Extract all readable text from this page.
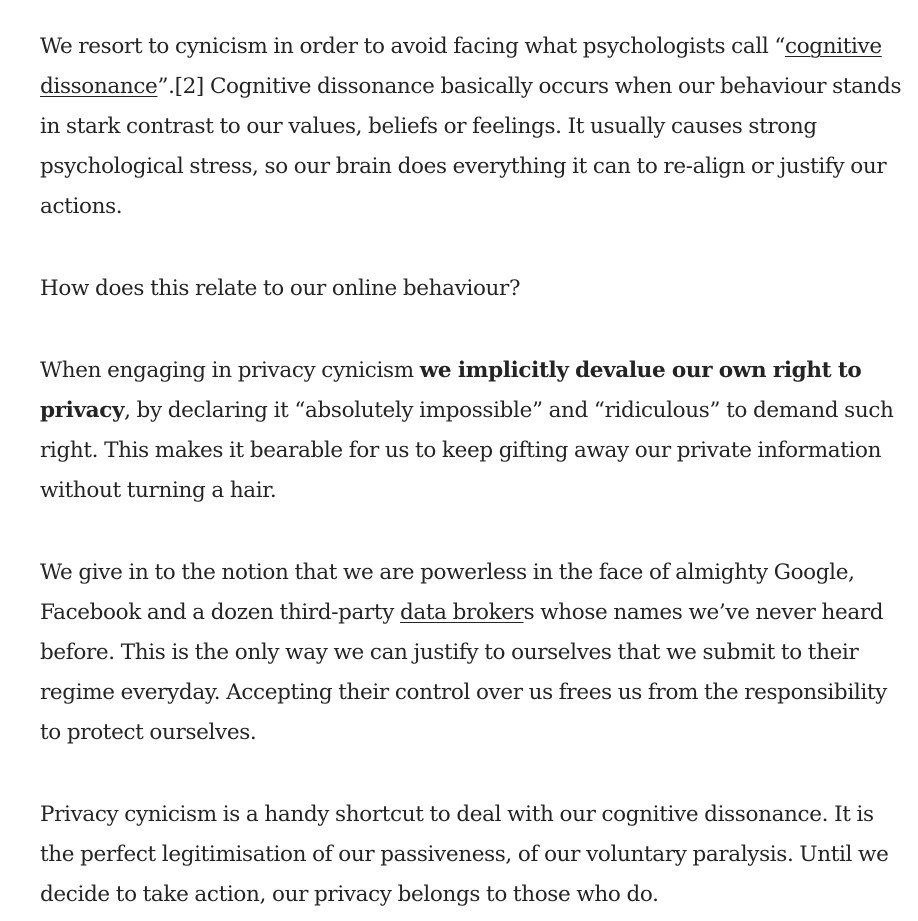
We resort to cynicism in order to avoid facing what psychologists call “cognitive dissonance”.[2] Cognitive dissonance basically occurs when our behaviour stands in stark contrast to our values, beliefs or feelings. It usually causes strong psychological stress, so our brain does everything it can to re-align or justify our actions.

How does this relate to our online behaviour?

When engaging in privacy cynicism we implicitly devalue our own right to privacy, by declaring it “absolutely impossible” and “ridiculous” to demand such right. This makes it bearable for us to keep gifting away our private information without turning a hair.

We give in to the notion that we are powerless in the face of almighty Google, Facebook and a dozen third-party data brokers whose names we’ve never heard before. This is the only way we can justify to ourselves that we submit to their regime everyday. Accepting their control over us frees us from the responsibility to protect ourselves.

Privacy cynicism is a handy shortcut to deal with our cognitive dissonance. It is the perfect legitimisation of our passiveness, of our voluntary paralysis. Until we decide to take action, our privacy belongs to those who do.
